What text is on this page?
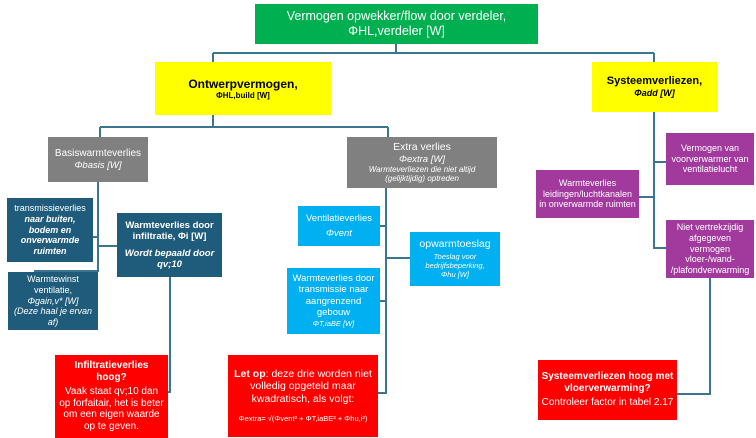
Vermogen opwekker/flow door verdeler,
ΦHL,verdeler [W]
Ontwerpvermogen,
ΦHL,build [W]
Systeemverliezen,
Φadd [W]
Basiswarmteverlies
Φbasis [W]
Extra verlies
Φextra [W]
Warmteverliezen die niet altijd (gelijktijdig) optreden
transmissieverlies
naar buiten, bodem en onverwarmde ruimten
Warmteverlies door infiltratie, Φi [W]
Wordt bepaald door qv;10
Warmtewinst ventilatie,
Φgain,v* [W]
(Deze haal je ervan af)
Ventilatieverlies
Φvent
opwarmtoeslag
Toeslag voor
bedrijfsbeperking,
Φhu [W]
Warmteverlies door transmissie naar aangrenzend gebouw
ΦT,iaBE [W]
Warmteverlies leidingen/luchtkanalen in onverwarmde ruimten
Vermogen van voorverwarmer van ventilatielucht
Niet vertrekzijdig afgegeven vermogen vloer-/wand- /plafondverwarming
Infiltratieverlies hoog?
Vaak staat qv;10 dan op forfaitair, het is beter om een eigen waarde op te geven.
Let op: deze drie worden niet volledig opgeteld maar kwadratisch, als volgt:
Φextra= √(Φvent² + ΦT,iaBE² + Φhu,i²)
Systeemverliezen hoog met vloerverwarming?
Controleer factor in tabel 2.17
